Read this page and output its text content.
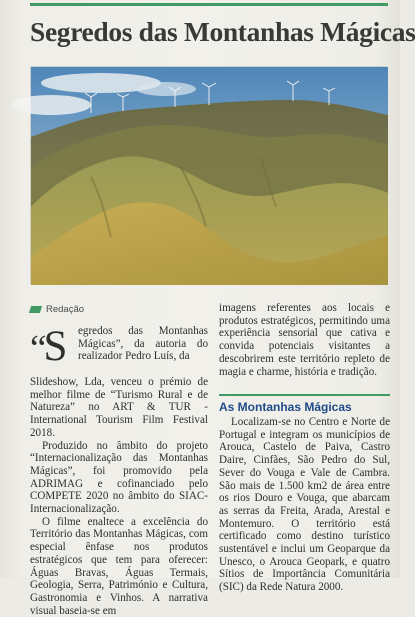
Segredos das Montanhas Mágicas
Redação
“S egredos das Montanhas Mágicas”, da autoria do realizador Pedro Luís, da

Slideshow, Lda, venceu o prémio de melhor filme de “Turismo Rural e de Natureza” no ART & TUR - International Tourism Film Festival 2018.

Produzido no âmbito do projeto “Internacionalização das Montanhas Mágicas”, foi promovido pela ADRIMAG e cofinanciado pelo COMPETE 2020 no âmbito do SIAC-Internacionalização.

O filme enaltece a excelência do Território das Montanhas Mágicas, com especial ênfase nos produtos estratégicos que tem para oferecer: Águas Bravas, Águas Termais, Geologia, Serra, Património e Cultura, Gastronomia e Vinhos. A narrativa visual baseia-se em

imagens referentes aos locais e produtos estratégicos, permitindo uma experiência sensorial que cativa e convida potenciais visitantes a descobrirem este território repleto de magia e charme, história e tradição.

As Montanhas Mágicas

Localizam-se no Centro e Norte de Portugal e integram os municípios de Arouca, Castelo de Paiva, Castro Daire, Cinfães, São Pedro do Sul, Sever do Vouga e Vale de Cambra. São mais de 1.500 km2 de área entre os rios Douro e Vouga, que abarcam as serras da Freita, Arada, Arestal e Montemuro. O território está certificado como destino turístico sustentável e inclui um Geoparque da Unesco, o Arouca Geopark, e quatro Sítios de Importância Comunitária (SIC) da Rede Natura 2000.
